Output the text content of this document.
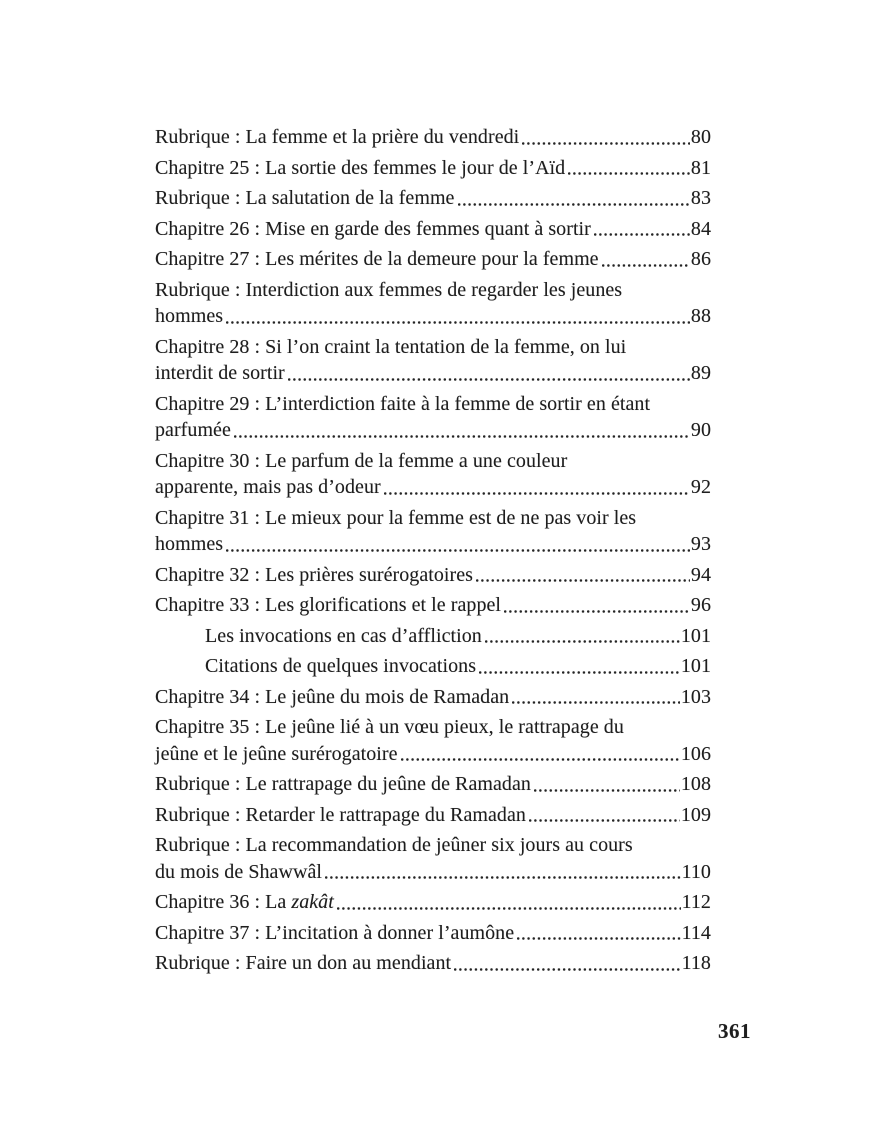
Rubrique : La femme et la prière du vendredi	80
Chapitre 25 : La sortie des femmes le jour de l’Aïd	81
Rubrique : La salutation de la femme	83
Chapitre 26 : Mise en garde des femmes quant à sortir	84
Chapitre 27 : Les mérites de la demeure pour la femme	86
Rubrique : Interdiction aux femmes de regarder les jeunes
hommes	88
Chapitre 28 : Si l’on craint la tentation de la femme, on lui
interdit de sortir	89
Chapitre 29 : L’interdiction faite à la femme de sortir en étant
parfumée	90
Chapitre 30 : Le parfum de la femme a une couleur
apparente, mais pas d’odeur	92
Chapitre 31 : Le mieux pour la femme est de ne pas voir les
hommes	93
Chapitre 32 : Les prières surérogatoires	94
Chapitre 33 : Les glorifications et le rappel	96
Les invocations en cas d’affliction	101
Citations de quelques invocations	101
Chapitre 34 : Le jeûne du mois de Ramadan	103
Chapitre 35 : Le jeûne lié à un vœu pieux, le rattrapage du
jeûne et le jeûne surérogatoire	106
Rubrique : Le rattrapage du jeûne de Ramadan	108
Rubrique : Retarder le rattrapage du Ramadan	109
Rubrique : La recommandation de jeûner six jours au cours
du mois de Shawwâl	110
Chapitre 36 : La zakât	112
Chapitre 37 : L’incitation à donner l’aumône	114
Rubrique : Faire un don au mendiant	118
361
